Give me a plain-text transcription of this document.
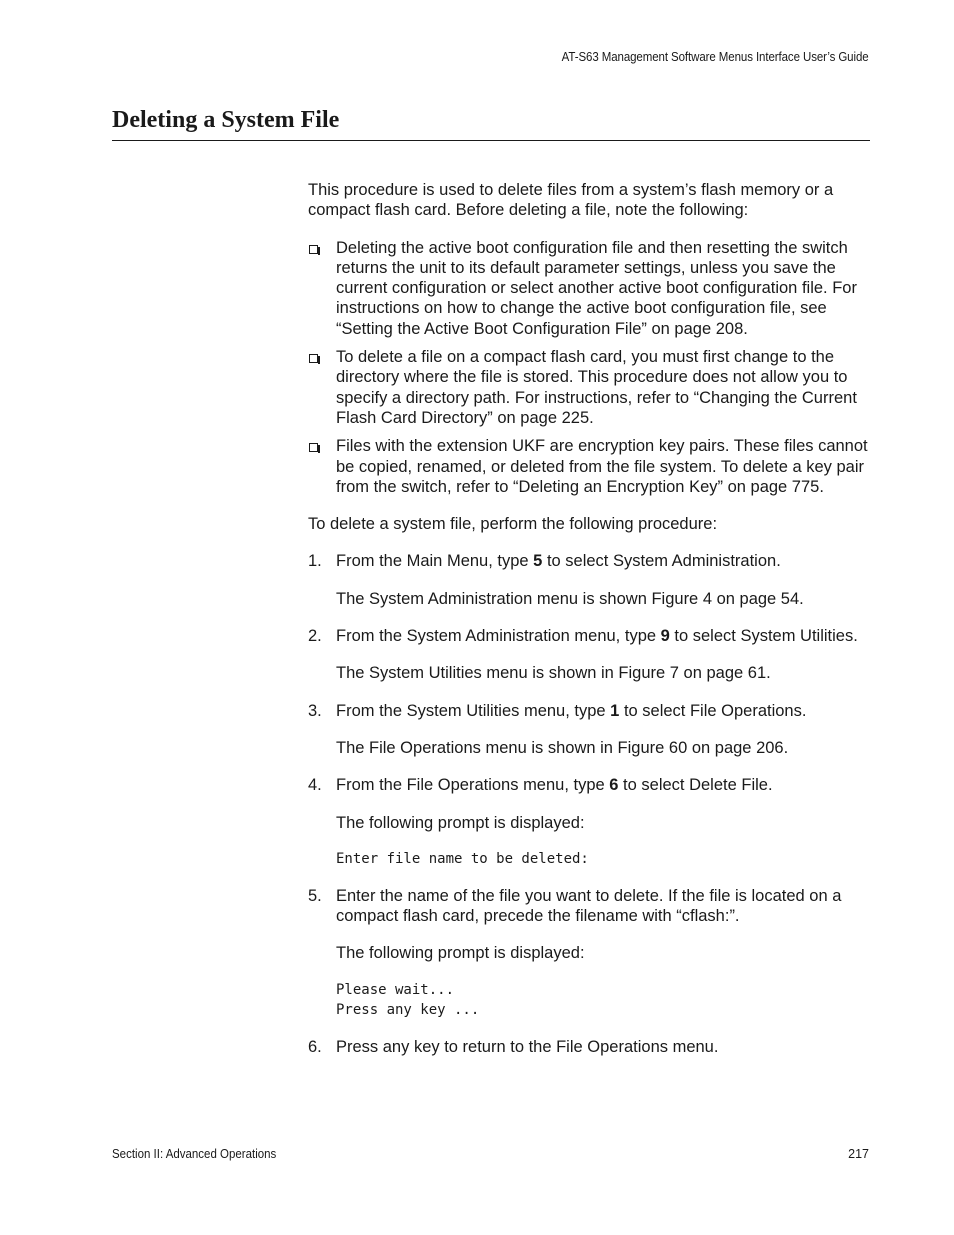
AT-S63 Management Software Menus Interface User’s Guide
Deleting a System File

This procedure is used to delete files from a system’s flash memory or a compact flash card. Before deleting a file, note the following:

Deleting the active boot configuration file and then resetting the switch returns the unit to its default parameter settings, unless you save the current configuration or select another active boot configuration file. For instructions on how to change the active boot configuration file, see “Setting the Active Boot Configuration File” on page 208.
To delete a file on a compact flash card, you must first change to the directory where the file is stored. This procedure does not allow you to specify a directory path. For instructions, refer to “Changing the Current Flash Card Directory” on page 225.
Files with the extension UKF are encryption key pairs. These files cannot be copied, renamed, or deleted from the file system. To delete a key pair from the switch, refer to “Deleting an Encryption Key” on page 775.

To delete a system file, perform the following procedure:

1. From the Main Menu, type 5 to select System Administration.

The System Administration menu is shown Figure 4 on page 54.

2. From the System Administration menu, type 9 to select System Utilities.

The System Utilities menu is shown in Figure 7 on page 61.

3. From the System Utilities menu, type 1 to select File Operations.

The File Operations menu is shown in Figure 60 on page 206.

4. From the File Operations menu, type 6 to select Delete File.

The following prompt is displayed:

Enter file name to be deleted:
5. Enter the name of the file you want to delete. If the file is located on a compact flash card, precede the filename with “cflash:”.

The following prompt is displayed:

Please wait...
Press any key ...
6. Press any key to return to the File Operations menu.

Section II: Advanced Operations	217
